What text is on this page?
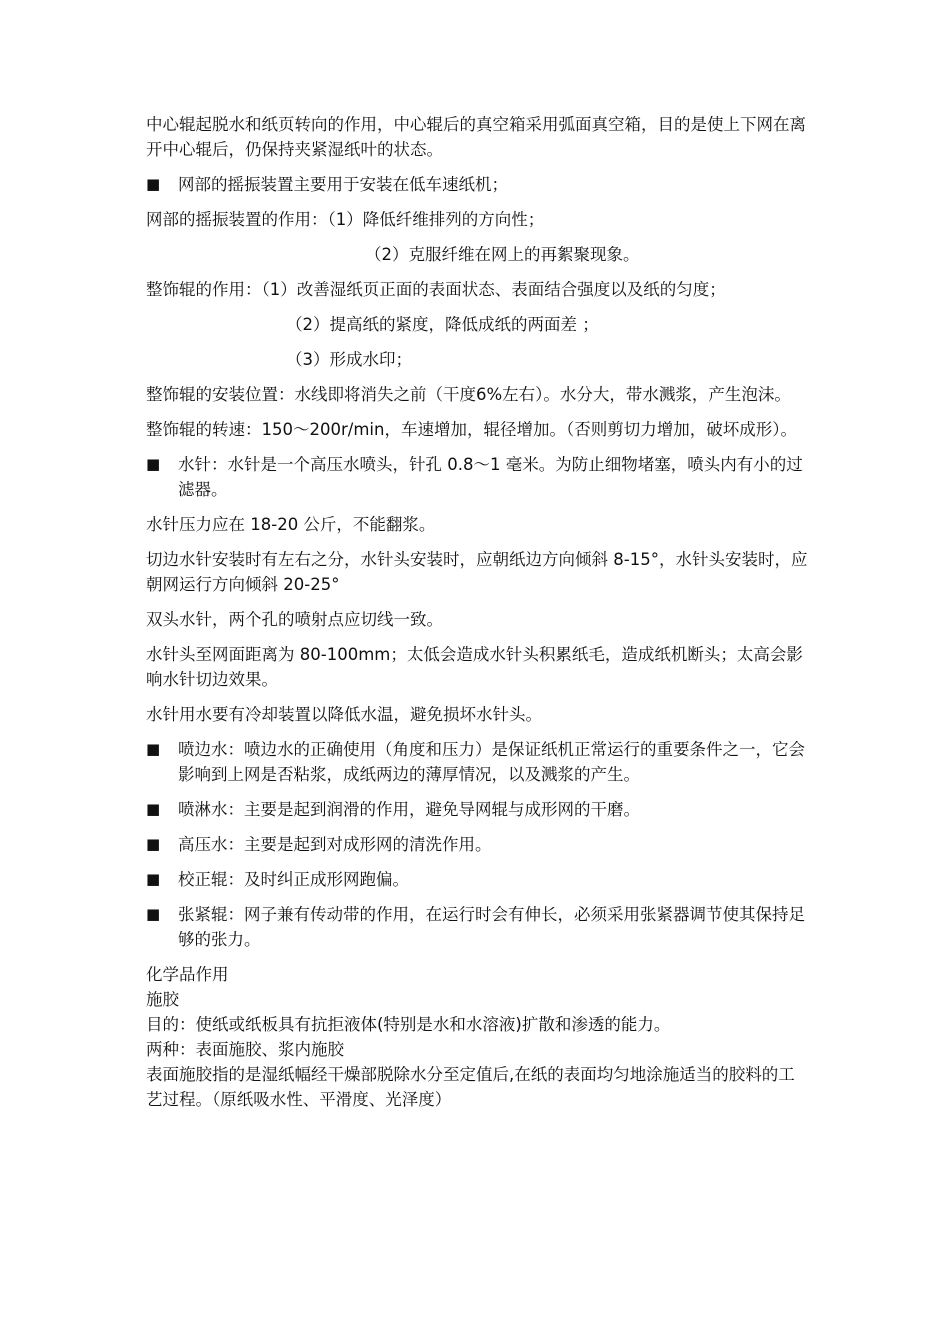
中心辊起脱水和纸页转向的作用，中心辊后的真空箱采用弧面真空箱，目的是使上下网在离开中心辊后，仍保持夹紧湿纸叶的状态。

■ 网部的摇振装置主要用于安装在低车速纸机；

网部的摇振装置的作用：（1）降低纤维排列的方向性；

（2）克服纤维在网上的再絮聚现象。

整饰辊的作用：（1）改善湿纸页正面的表面状态、表面结合强度以及纸的匀度；

（2）提高纸的紧度，降低成纸的两面差 ；

（3）形成水印；

整饰辊的安装位置：水线即将消失之前（干度6%左右）。水分大，带水溅浆，产生泡沫。

整饰辊的转速：150～200r/min，车速增加，辊径增加。（否则剪切力增加，破坏成形）。

■ 水针：水针是一个高压水喷头，针孔 0.8～1 毫米。为防止细物堵塞，喷头内有小的过滤器。

水针压力应在 18-20 公斤，不能翻浆。

切边水针安装时有左右之分，水针头安装时，应朝纸边方向倾斜 8-15°，水针头安装时，应朝网运行方向倾斜 20-25°

双头水针，两个孔的喷射点应切线一致。

水针头至网面距离为 80-100mm；太低会造成水针头积累纸毛，造成纸机断头；太高会影响水针切边效果。

水针用水要有冷却装置以降低水温，避免损坏水针头。

■ 喷边水：喷边水的正确使用（角度和压力）是保证纸机正常运行的重要条件之一，它会影响到上网是否粘浆，成纸两边的薄厚情况，以及溅浆的产生。
■ 喷淋水：主要是起到润滑的作用，避免导网辊与成形网的干磨。
■ 高压水：主要是起到对成形网的清洗作用。
■ 校正辊：及时纠正成形网跑偏。
■ 张紧辊：网子兼有传动带的作用，在运行时会有伸长，必须采用张紧器调节使其保持足够的张力。

化学品作用

施胶

目的：使纸或纸板具有抗拒液体(特别是水和水溶液)扩散和渗透的能力。

两种：表面施胶、浆内施胶

表面施胶指的是湿纸幅经干燥部脱除水分至定值后,在纸的表面均匀地涂施适当的胶料的工艺过程。（原纸吸水性、平滑度、光泽度）
